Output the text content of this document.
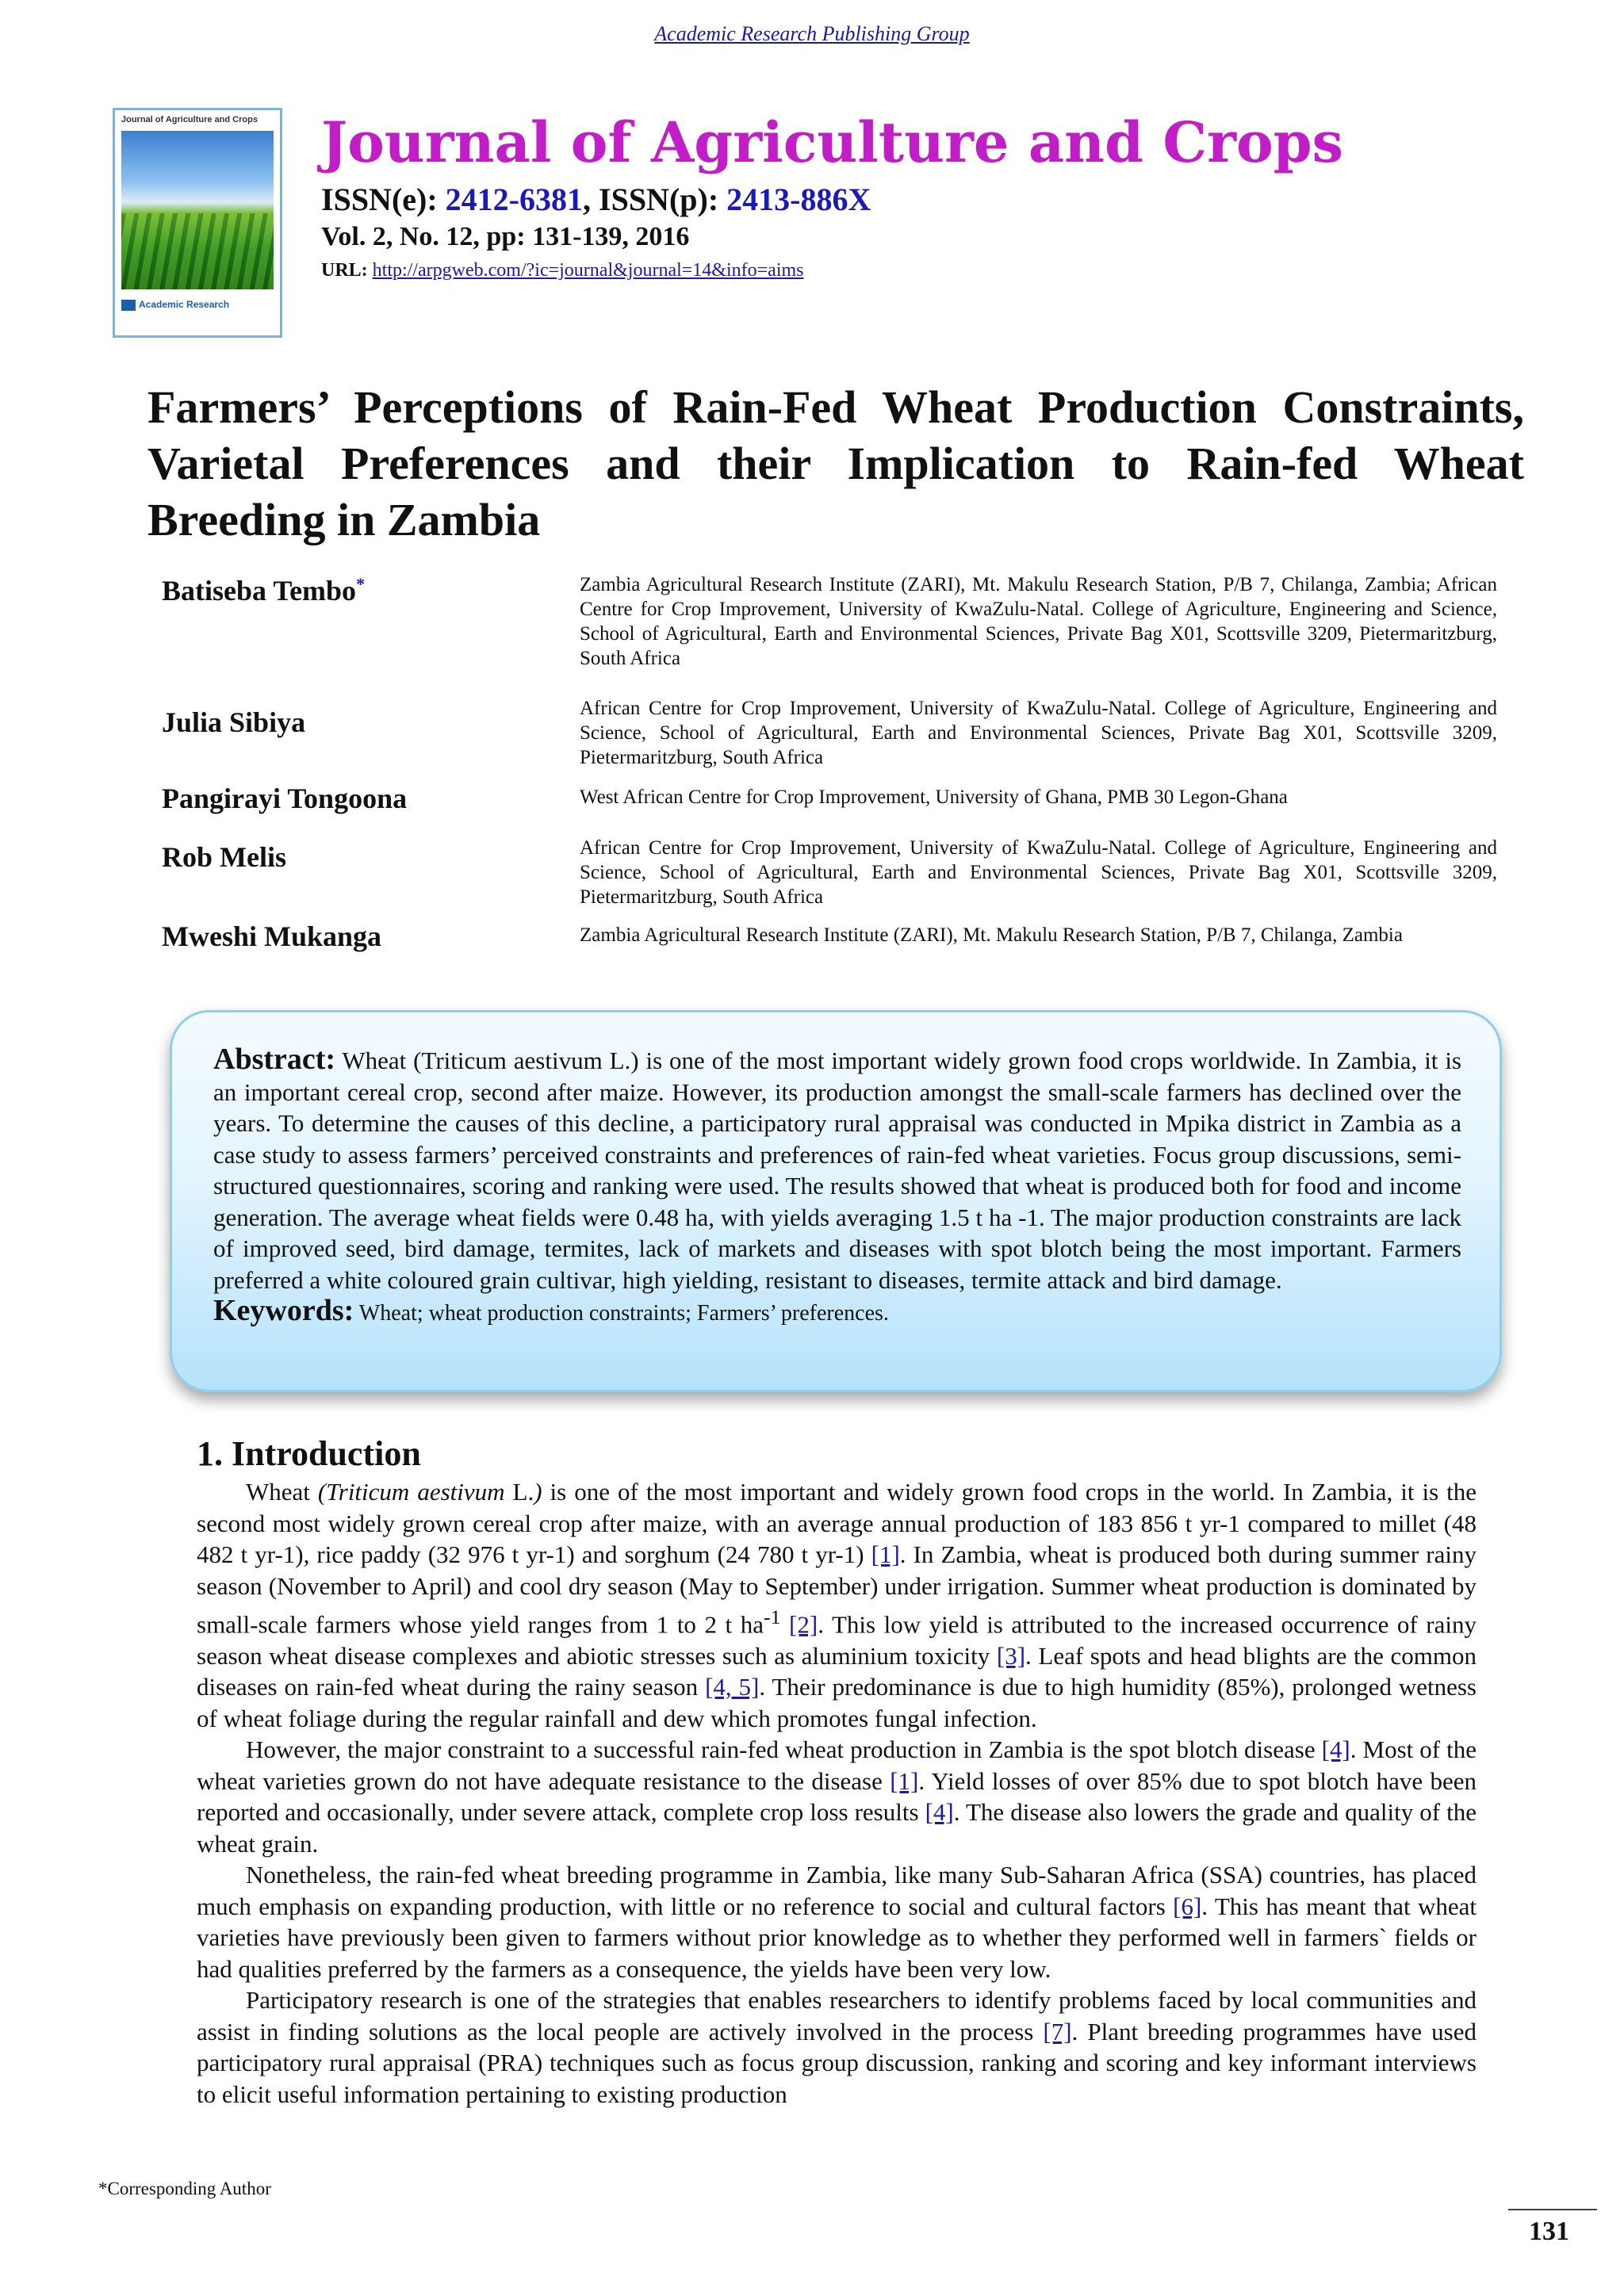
Academic Research Publishing Group
Journal of Agriculture and Crops
Academic Research
Journal of Agriculture and Crops
ISSN(e): 2412-6381, ISSN(p): 2413-886X
Vol. 2, No. 12, pp: 131-139, 2016
URL: http://arpgweb.com/?ic=journal&journal=14&info=aims
Farmers’ Perceptions of Rain-Fed Wheat Production Constraints, Varietal Preferences and their Implication to Rain-fed Wheat Breeding in Zambia
Batiseba Tembo*	Zambia Agricultural Research Institute (ZARI), Mt. Makulu Research Station, P/B 7, Chilanga, Zambia; African Centre for Crop Improvement, University of KwaZulu-Natal. College of Agriculture, Engineering and Science, School of Agricultural, Earth and Environmental Sciences, Private Bag X01, Scottsville 3209, Pietermaritzburg, South Africa
Julia Sibiya	African Centre for Crop Improvement, University of KwaZulu-Natal. College of Agriculture, Engineering and Science, School of Agricultural, Earth and Environmental Sciences, Private Bag X01, Scottsville 3209, Pietermaritzburg, South Africa
Pangirayi Tongoona	West African Centre for Crop Improvement, University of Ghana, PMB 30 Legon-Ghana
Rob Melis	African Centre for Crop Improvement, University of KwaZulu-Natal. College of Agriculture, Engineering and Science, School of Agricultural, Earth and Environmental Sciences, Private Bag X01, Scottsville 3209, Pietermaritzburg, South Africa
Mweshi Mukanga	Zambia Agricultural Research Institute (ZARI), Mt. Makulu Research Station, P/B 7, Chilanga, Zambia
Abstract: Wheat (Triticum aestivum L.) is one of the most important widely grown food crops worldwide. In Zambia, it is an important cereal crop, second after maize. However, its production amongst the small-scale farmers has declined over the years. To determine the causes of this decline, a participatory rural appraisal was conducted in Mpika district in Zambia as a case study to assess farmers’ perceived constraints and preferences of rain-fed wheat varieties. Focus group discussions, semi-structured questionnaires, scoring and ranking were used. The results showed that wheat is produced both for food and income generation. The average wheat fields were 0.48 ha, with yields averaging 1.5 t ha -1. The major production constraints are lack of improved seed, bird damage, termites, lack of markets and diseases with spot blotch being the most important. Farmers preferred a white coloured grain cultivar, high yielding, resistant to diseases, termite attack and bird damage.
Keywords: Wheat; wheat production constraints; Farmers’ preferences.
1. Introduction

Wheat (Triticum aestivum L.) is one of the most important and widely grown food crops in the world. In Zambia, it is the second most widely grown cereal crop after maize, with an average annual production of 183 856 t yr-1 compared to millet (48 482 t yr-1), rice paddy (32 976 t yr-1) and sorghum (24 780 t yr-1) [1]. In Zambia, wheat is produced both during summer rainy season (November to April) and cool dry season (May to September) under irrigation. Summer wheat production is dominated by small-scale farmers whose yield ranges from 1 to 2 t $ha^{-1}$ [2]. This low yield is attributed to the increased occurrence of rainy season wheat disease complexes and abiotic stresses such as aluminium toxicity [3]. Leaf spots and head blights are the common diseases on rain-fed wheat during the rainy season [4, 5]. Their predominance is due to high humidity (85%), prolonged wetness of wheat foliage during the regular rainfall and dew which promotes fungal infection.

However, the major constraint to a successful rain-fed wheat production in Zambia is the spot blotch disease [4]. Most of the wheat varieties grown do not have adequate resistance to the disease [1]. Yield losses of over 85% due to spot blotch have been reported and occasionally, under severe attack, complete crop loss results [4]. The disease also lowers the grade and quality of the wheat grain.

Nonetheless, the rain-fed wheat breeding programme in Zambia, like many Sub-Saharan Africa (SSA) countries, has placed much emphasis on expanding production, with little or no reference to social and cultural factors [6]. This has meant that wheat varieties have previously been given to farmers without prior knowledge as to whether they performed well in farmers` fields or had qualities preferred by the farmers as a consequence, the yields have been very low.

Participatory research is one of the strategies that enables researchers to identify problems faced by local communities and assist in finding solutions as the local people are actively involved in the process [7]. Plant breeding programmes have used participatory rural appraisal (PRA) techniques such as focus group discussion, ranking and scoring and key informant interviews to elicit useful information pertaining to existing production

*Corresponding Author
131
